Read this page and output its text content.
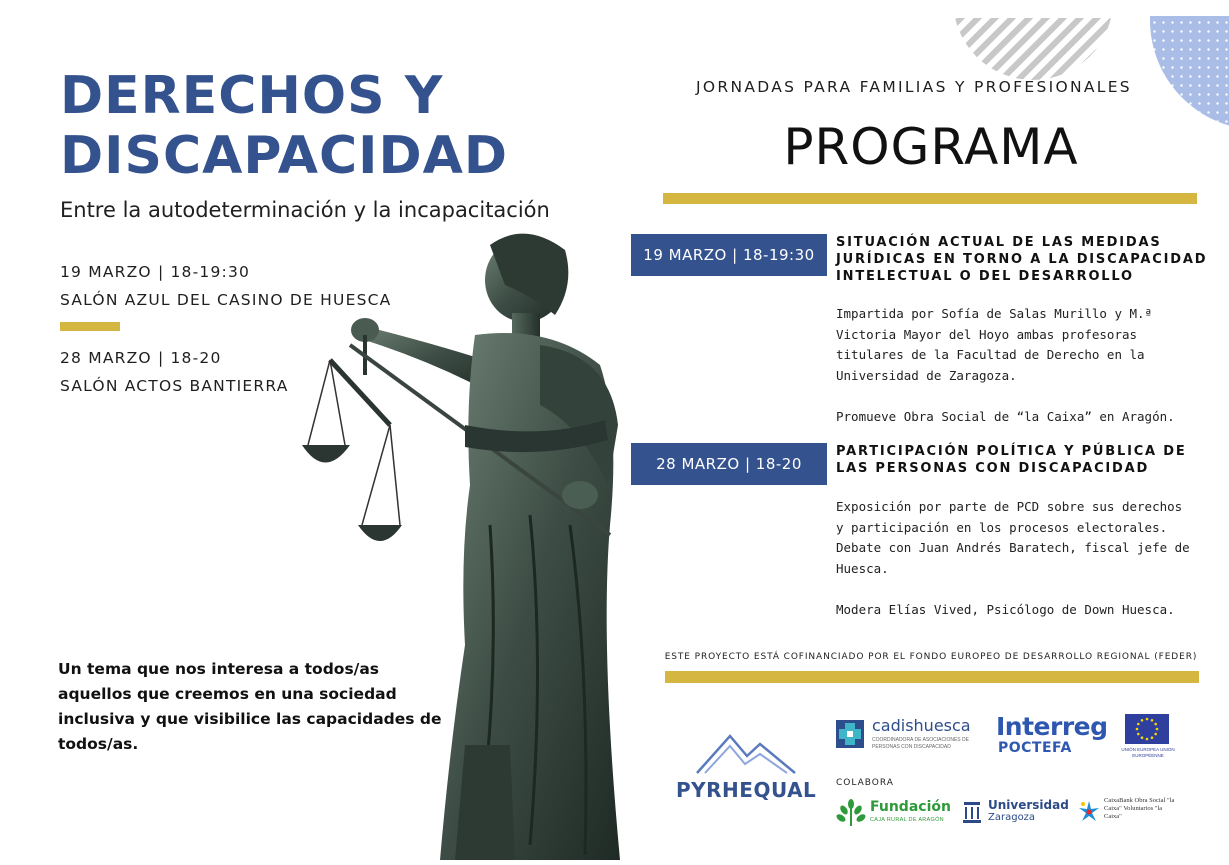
DERECHOS Y
DISCAPACIDAD
Entre la autodeterminación y la incapacitación
19 MARZO | 18-19:30
SALÓN AZUL DEL CASINO DE HUESCA
28 MARZO | 18-20
SALÓN ACTOS BANTIERRA
Un tema que nos interesa a todos/as aquellos que creemos en una sociedad inclusiva y que visibilice las capacidades de todos/as.
JORNADAS PARA FAMILIAS Y PROFESIONALES
PROGRAMA
19 MARZO | 18-19:30
SITUACIÓN ACTUAL DE LAS MEDIDAS JURÍDICAS EN TORNO A LA DISCAPACIDAD INTELECTUAL O DEL DESARROLLO
Impartida por Sofía de Salas Murillo y M.ª Victoria Mayor del Hoyo ambas profesoras titulares de la Facultad de Derecho en la Universidad de Zaragoza.

Promueve Obra Social de “la Caixa” en Aragón.
28 MARZO | 18-20
PARTICIPACIÓN POLÍTICA Y PÚBLICA DE LAS PERSONAS CON DISCAPACIDAD
Exposición por parte de PCD sobre sus derechos y participación en los procesos electorales.
Debate con Juan Andrés Baratech, fiscal jefe de Huesca.

Modera Elías Vived, Psicólogo de Down Huesca.
ESTE PROYECTO ESTÁ COFINANCIADO POR EL FONDO EUROPEO DE DESARROLLO REGIONAL (FEDER)
PYRHEQUAL
cadishuesca
COORDINADORA DE ASOCIACIONES DE PERSONAS CON DISCAPACIDAD
Interreg
POCTEFA	UNIÓN EUROPEA UNION EUROPÉENNE
COLABORA
Fundación
CAJA RURAL DE ARAGÓN
Universidad
Zaragoza
CaixaBank Obra Social "la Caixa" Voluntarios "la Caixa"
